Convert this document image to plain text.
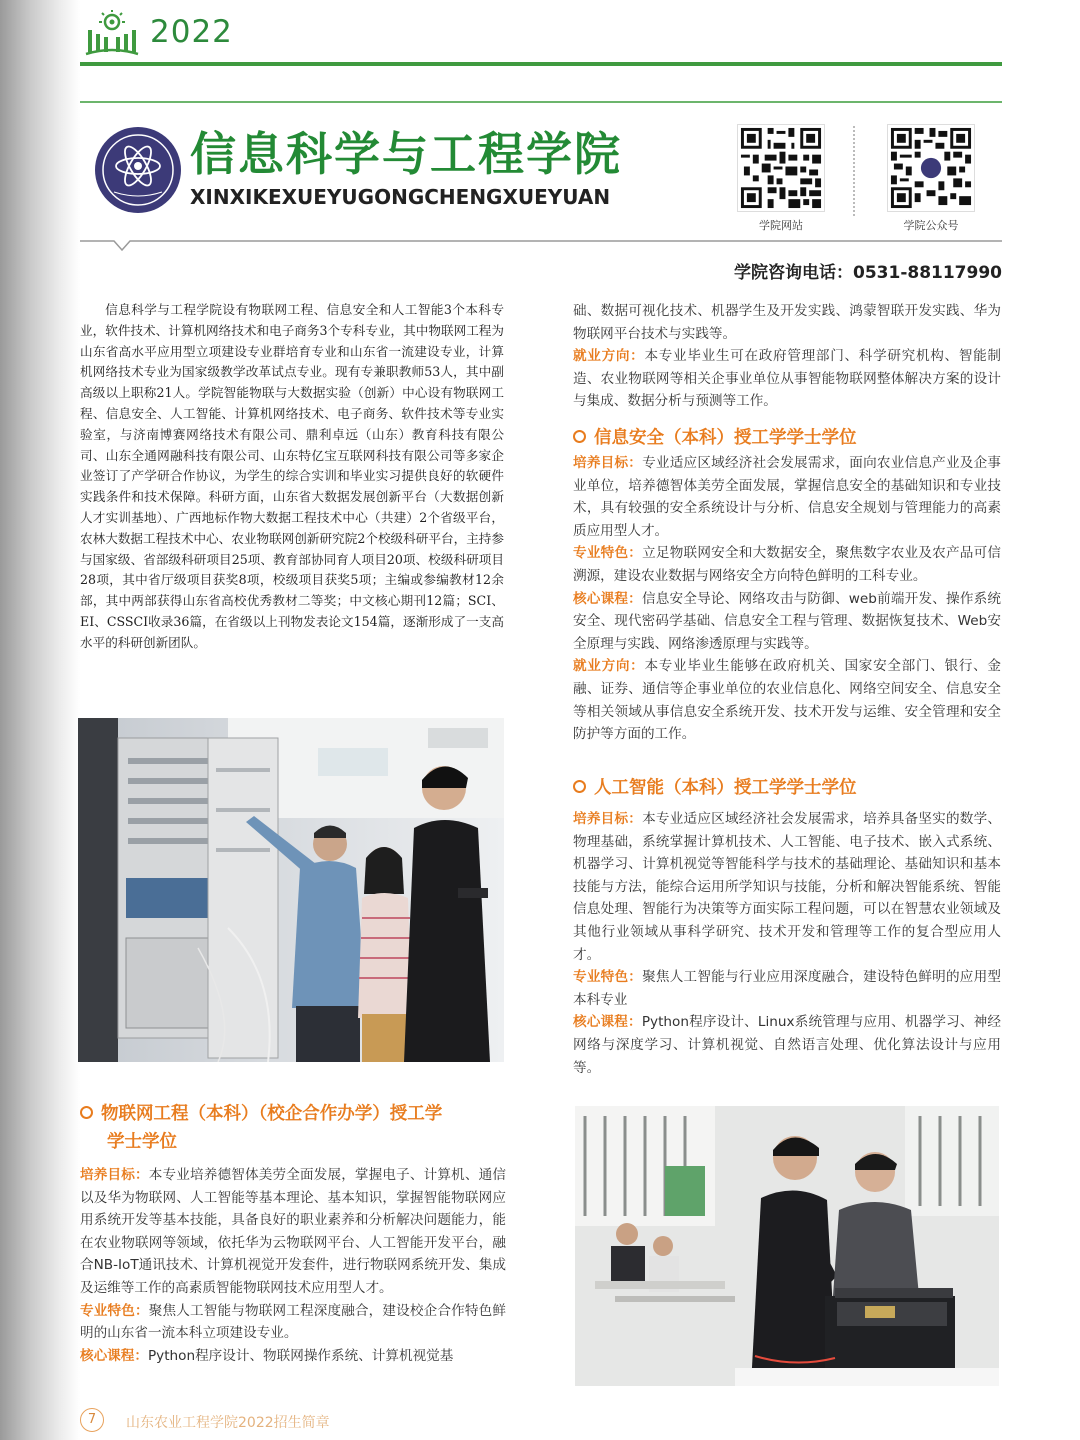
2022
信息科学与工程学院
XINXIKEXUEYUGONGCHENGXUEYUAN
学院网站	学院公众号
学院咨询电话：0531-88117990
信息科学与工程学院设有物联网工程、信息安全和人工智能3个本科专业，软件技术、计算机网络技术和电子商务3个专科专业，其中物联网工程为山东省高水平应用型立项建设专业群培育专业和山东省一流建设专业，计算机网络技术专业为国家级教学改革试点专业。现有专兼职教师53人，其中副高级以上职称21人。学院智能物联与大数据实验（创新）中心设有物联网工程、信息安全、人工智能、计算机网络技术、电子商务、软件技术等专业实验室，与济南博赛网络技术有限公司、鼎利卓远（山东）教育科技有限公司、山东全通网融科技有限公司、山东特亿宝互联网科技有限公司等多家企业签订了产学研合作协议，为学生的综合实训和毕业实习提供良好的软硬件实践条件和技术保障。科研方面，山东省大数据发展创新平台（大数据创新人才实训基地）、广西地标作物大数据工程技术中心（共建）2个省级平台，农林大数据工程技术中心、农业物联网创新研究院2个校级科研平台，主持参与国家级、省部级科研项目25项、教育部协同育人项目20项、校级科研项目28项，其中省厅级项目获奖8项，校级项目获奖5项；主编或参编教材12余部，其中两部获得山东省高校优秀教材二等奖；中文核心期刊12篇；SCI、EI、CSSCI收录36篇，在省级以上刊物发表论文154篇，逐渐形成了一支高水平的科研创新团队。
物联网工程（本科）（校企合作办学）授工学
学士学位
培养目标：本专业培养德智体美劳全面发展，掌握电子、计算机、通信以及华为物联网、人工智能等基本理论、基本知识，掌握智能物联网应用系统开发等基本技能，具备良好的职业素养和分析解决问题能力，能在农业物联网等领域，依托华为云物联网平台、人工智能开发平台，融合NB-IoT通讯技术、计算机视觉开发套件，进行物联网系统开发、集成及运维等工作的高素质智能物联网技术应用型人才。
专业特色：聚焦人工智能与物联网工程深度融合，建设校企合作特色鲜明的山东省一流本科立项建设专业。
核心课程：Python程序设计、物联网操作系统、计算机视觉基
础、数据可视化技术、机器学生及开发实践、鸿蒙智联开发实践、华为物联网平台技术与实践等。
就业方向：本专业毕业生可在政府管理部门、科学研究机构、智能制造、农业物联网等相关企事业单位从事智能物联网整体解决方案的设计与集成、数据分析与预测等工作。
信息安全（本科）授工学学士学位
培养目标：专业适应区域经济社会发展需求，面向农业信息产业及企事业单位，培养德智体美劳全面发展，掌握信息安全的基础知识和专业技术，具有较强的安全系统设计与分析、信息安全规划与管理能力的高素质应用型人才。
专业特色：立足物联网安全和大数据安全，聚焦数字农业及农产品可信溯源，建设农业数据与网络安全方向特色鲜明的工科专业。
核心课程：信息安全导论、网络攻击与防御、web前端开发、操作系统安全、现代密码学基础、信息安全工程与管理、数据恢复技术、Web安全原理与实践、网络渗透原理与实践等。
就业方向：本专业毕业生能够在政府机关、国家安全部门、银行、金融、证券、通信等企事业单位的农业信息化、网络空间安全、信息安全等相关领域从事信息安全系统开发、技术开发与运维、安全管理和安全防护等方面的工作。
人工智能（本科）授工学学士学位
培养目标：本专业适应区域经济社会发展需求，培养具备坚实的数学、物理基础，系统掌握计算机技术、人工智能、电子技术、嵌入式系统、机器学习、计算机视觉等智能科学与技术的基础理论、基础知识和基本技能与方法，能综合运用所学知识与技能，分析和解决智能系统、智能信息处理、智能行为决策等方面实际工程问题，可以在智慧农业领域及其他行业领域从事科学研究、技术开发和管理等工作的复合型应用人才。
专业特色：聚焦人工智能与行业应用深度融合，建设特色鲜明的应用型本科专业
核心课程：Python程序设计、Linux系统管理与应用、机器学习、神经网络与深度学习、计算机视觉、自然语言处理、优化算法设计与应用等。
7	山东农业工程学院2022招生简章
